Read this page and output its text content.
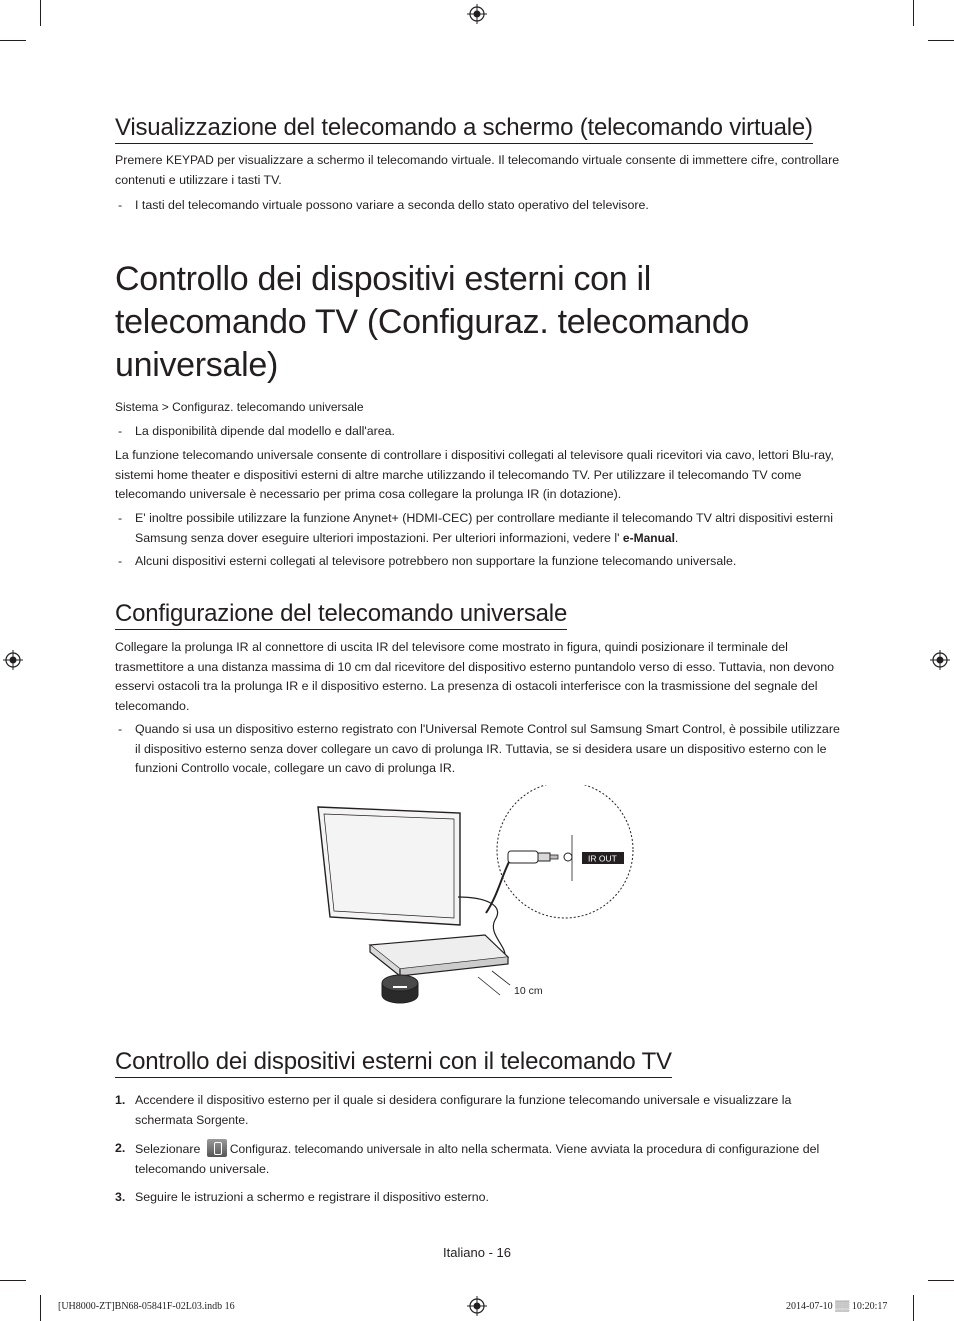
Visualizzazione del telecomando a schermo (telecomando virtuale)
Premere KEYPAD per visualizzare a schermo il telecomando virtuale. Il telecomando virtuale consente di immettere cifre, controllare contenuti e utilizzare i tasti TV.
- I tasti del telecomando virtuale possono variare a seconda dello stato operativo del televisore.
Controllo dei dispositivi esterni con il telecomando TV (Configuraz. telecomando universale)
Sistema > Configuraz. telecomando universale
- La disponibilità dipende dal modello e dall'area.
La funzione telecomando universale consente di controllare i dispositivi collegati al televisore quali ricevitori via cavo, lettori Blu-ray, sistemi home theater e dispositivi esterni di altre marche utilizzando il telecomando TV. Per utilizzare il telecomando TV come telecomando universale è necessario per prima cosa collegare la prolunga IR (in dotazione).
- E' inoltre possibile utilizzare la funzione Anynet+ (HDMI-CEC) per controllare mediante il telecomando TV altri dispositivi esterni Samsung senza dover eseguire ulteriori impostazioni. Per ulteriori informazioni, vedere l' e-Manual.
- Alcuni dispositivi esterni collegati al televisore potrebbero non supportare la funzione telecomando universale.
Configurazione del telecomando universale
Collegare la prolunga IR al connettore di uscita IR del televisore come mostrato in figura, quindi posizionare il terminale del trasmettitore a una distanza massima di 10 cm dal ricevitore del dispositivo esterno puntandolo verso di esso. Tuttavia, non devono esservi ostacoli tra la prolunga IR e il dispositivo esterno. La presenza di ostacoli interferisce con la trasmissione del segnale del telecomando.
- Quando si usa un dispositivo esterno registrato con l'Universal Remote Control sul Samsung Smart Control, è possibile utilizzare il dispositivo esterno senza dover collegare un cavo di prolunga IR. Tuttavia, se si desidera usare un dispositivo esterno con le funzioni Controllo vocale, collegare un cavo di prolunga IR.
10 cm
IR OUT
Controllo dei dispositivi esterni con il telecomando TV
1. Accendere il dispositivo esterno per il quale si desidera configurare la funzione telecomando universale e visualizzare la schermata Sorgente.
2. Selezionare Configuraz. telecomando universale in alto nella schermata. Viene avviata la procedura di configurazione del telecomando universale.
3. Seguire le istruzioni a schermo e registrare il dispositivo esterno.
Italiano - 16
[UH8000-ZT]BN68-05841F-02L03.indb 16	2014-07-10 ▒▒ 10:20:17
